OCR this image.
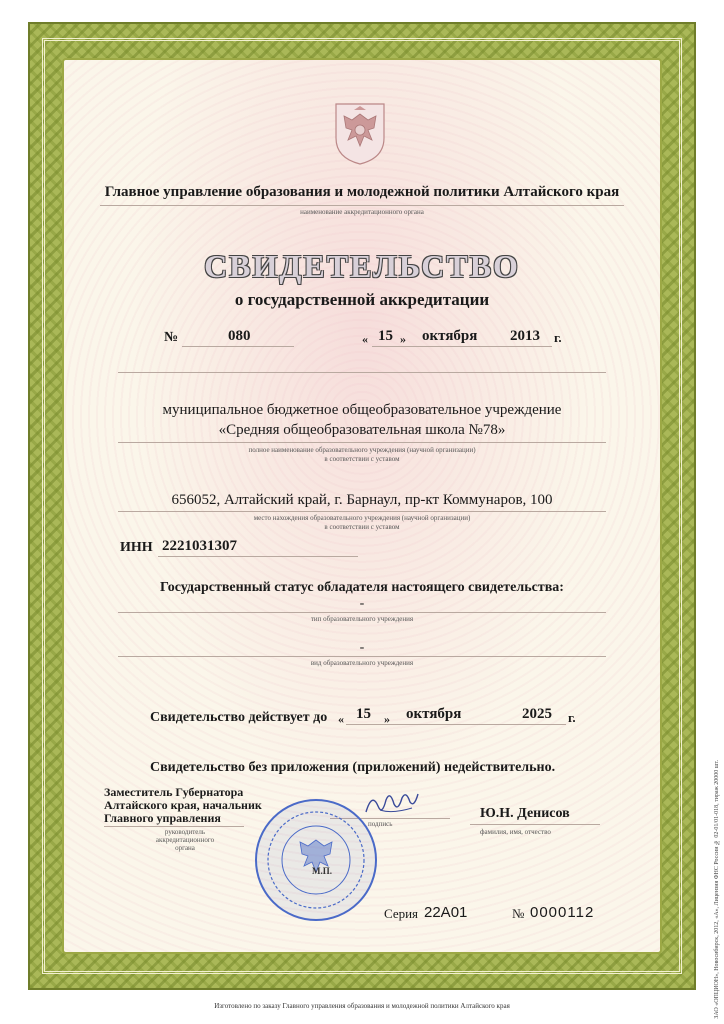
Главное управление образования и молодежной политики Алтайского края
наименование аккредитационного органа
СВИДЕТЕЛЬСТВО
о государственной аккредитации
№	080	« 15 » октября 2013 г.
муниципальное бюджетное общеобразовательное учреждение
«Средняя общеобразовательная школа №78»
полное наименование образовательного учреждения (научной организации)
в соответствии с уставом
656052, Алтайский край, г. Барнаул, пр-кт Коммунаров, 100
место нахождения образовательного учреждения (научной организации)
в соответствии с уставом
ИНН 2221031307
Государственный статус обладателя настоящего свидетельства:
-
тип образовательного учреждения
-
вид образовательного учреждения
Свидетельство действует до « 15 » октября	2025 г.
Свидетельство без приложения (приложений) недействительно.
Заместитель Губернатора
Алтайского края, начальник
Главного управления
руководитель
аккредитационного
органа
подпись
Ю.Н. Денисов
фамилия, имя, отчество
М.П.
Серия 22А01	№ 0000112	ЗАО «ОПЦИОН», Новосибирск, 2012, «А», Лицензия ФНС России № 02-01/01-018, тираж 20000 шт.
Изготовлено по заказу Главного управления образования и молодежной политики Алтайского края
